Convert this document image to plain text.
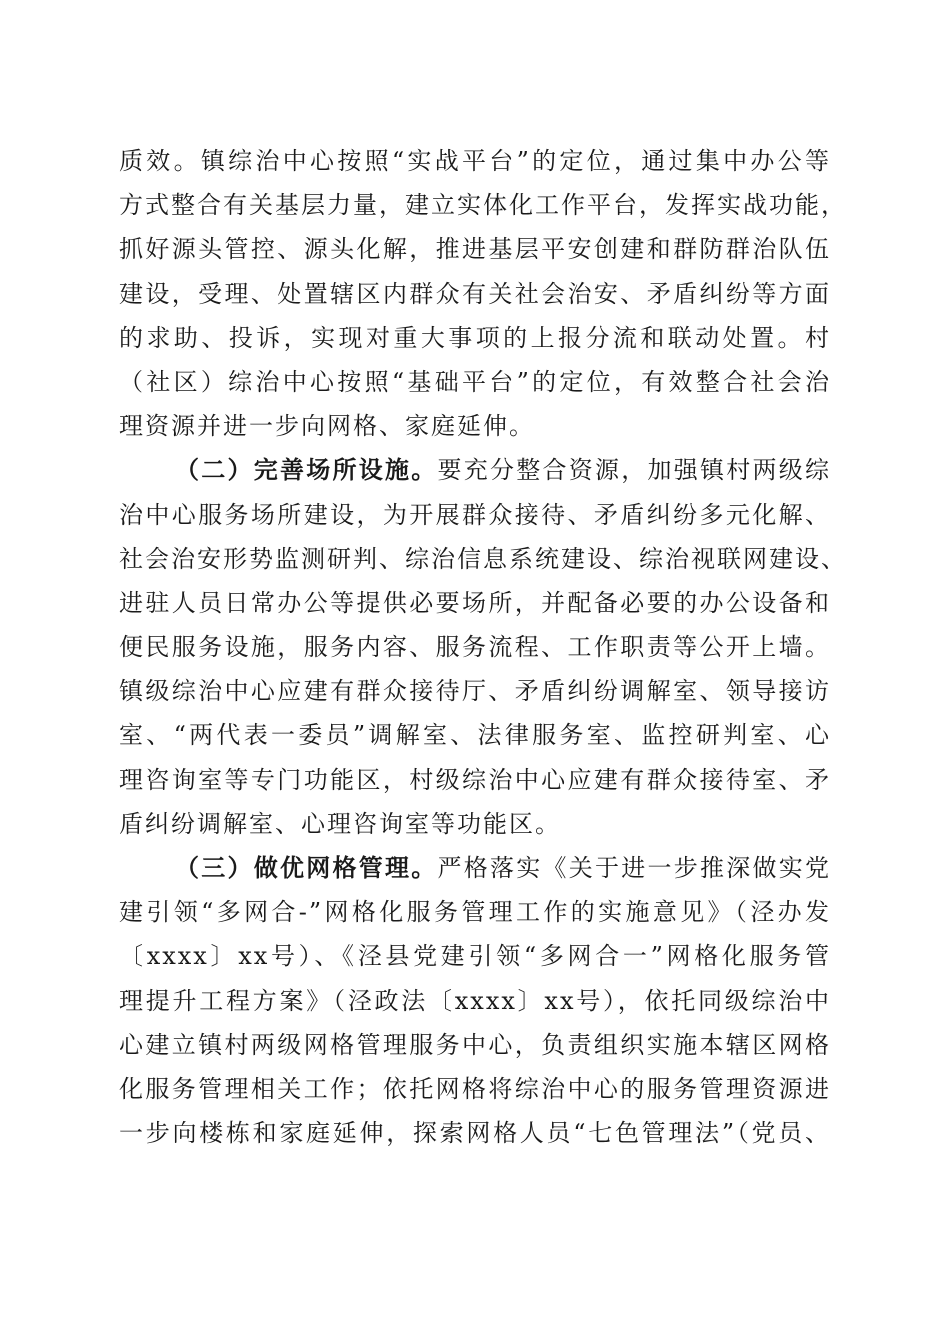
质效。镇综治中心按照“实战平台”的定位，通过集中办公等
方式整合有关基层力量，建立实体化工作平台，发挥实战功能，
抓好源头管控、源头化解，推进基层平安创建和群防群治队伍
建设，受理、处置辖区内群众有关社会治安、矛盾纠纷等方面
的求助、投诉，实现对重大事项的上报分流和联动处置。村
（社区）综治中心按照“基础平台”的定位，有效整合社会治
理资源并进一步向网格、家庭延伸。
（二）完善场所设施。要充分整合资源，加强镇村两级综
治中心服务场所建设，为开展群众接待、矛盾纠纷多元化解、
社会治安形势监测研判、综治信息系统建设、综治视联网建设、
进驻人员日常办公等提供必要场所，并配备必要的办公设备和
便民服务设施，服务内容、服务流程、工作职责等公开上墙。
镇级综治中心应建有群众接待厅、矛盾纠纷调解室、领导接访
室、“两代表一委员”调解室、法律服务室、监控研判室、心
理咨询室等专门功能区，村级综治中心应建有群众接待室、矛
盾纠纷调解室、心理咨询室等功能区。
（三）做优网格管理。严格落实《关于进一步推深做实党
建引领“多网合-”网格化服务管理工作的实施意见》（泾办发
〔xxxx〕xx号）、《泾县党建引领“多网合一”网格化服务管
理提升工程方案》（泾政法〔xxxx〕xx号），依托同级综治中
心建立镇村两级网格管理服务中心，负责组织实施本辖区网格
化服务管理相关工作；依托网格将综治中心的服务管理资源进
一步向楼栋和家庭延伸，探索网格人员“七色管理法”（党员、
